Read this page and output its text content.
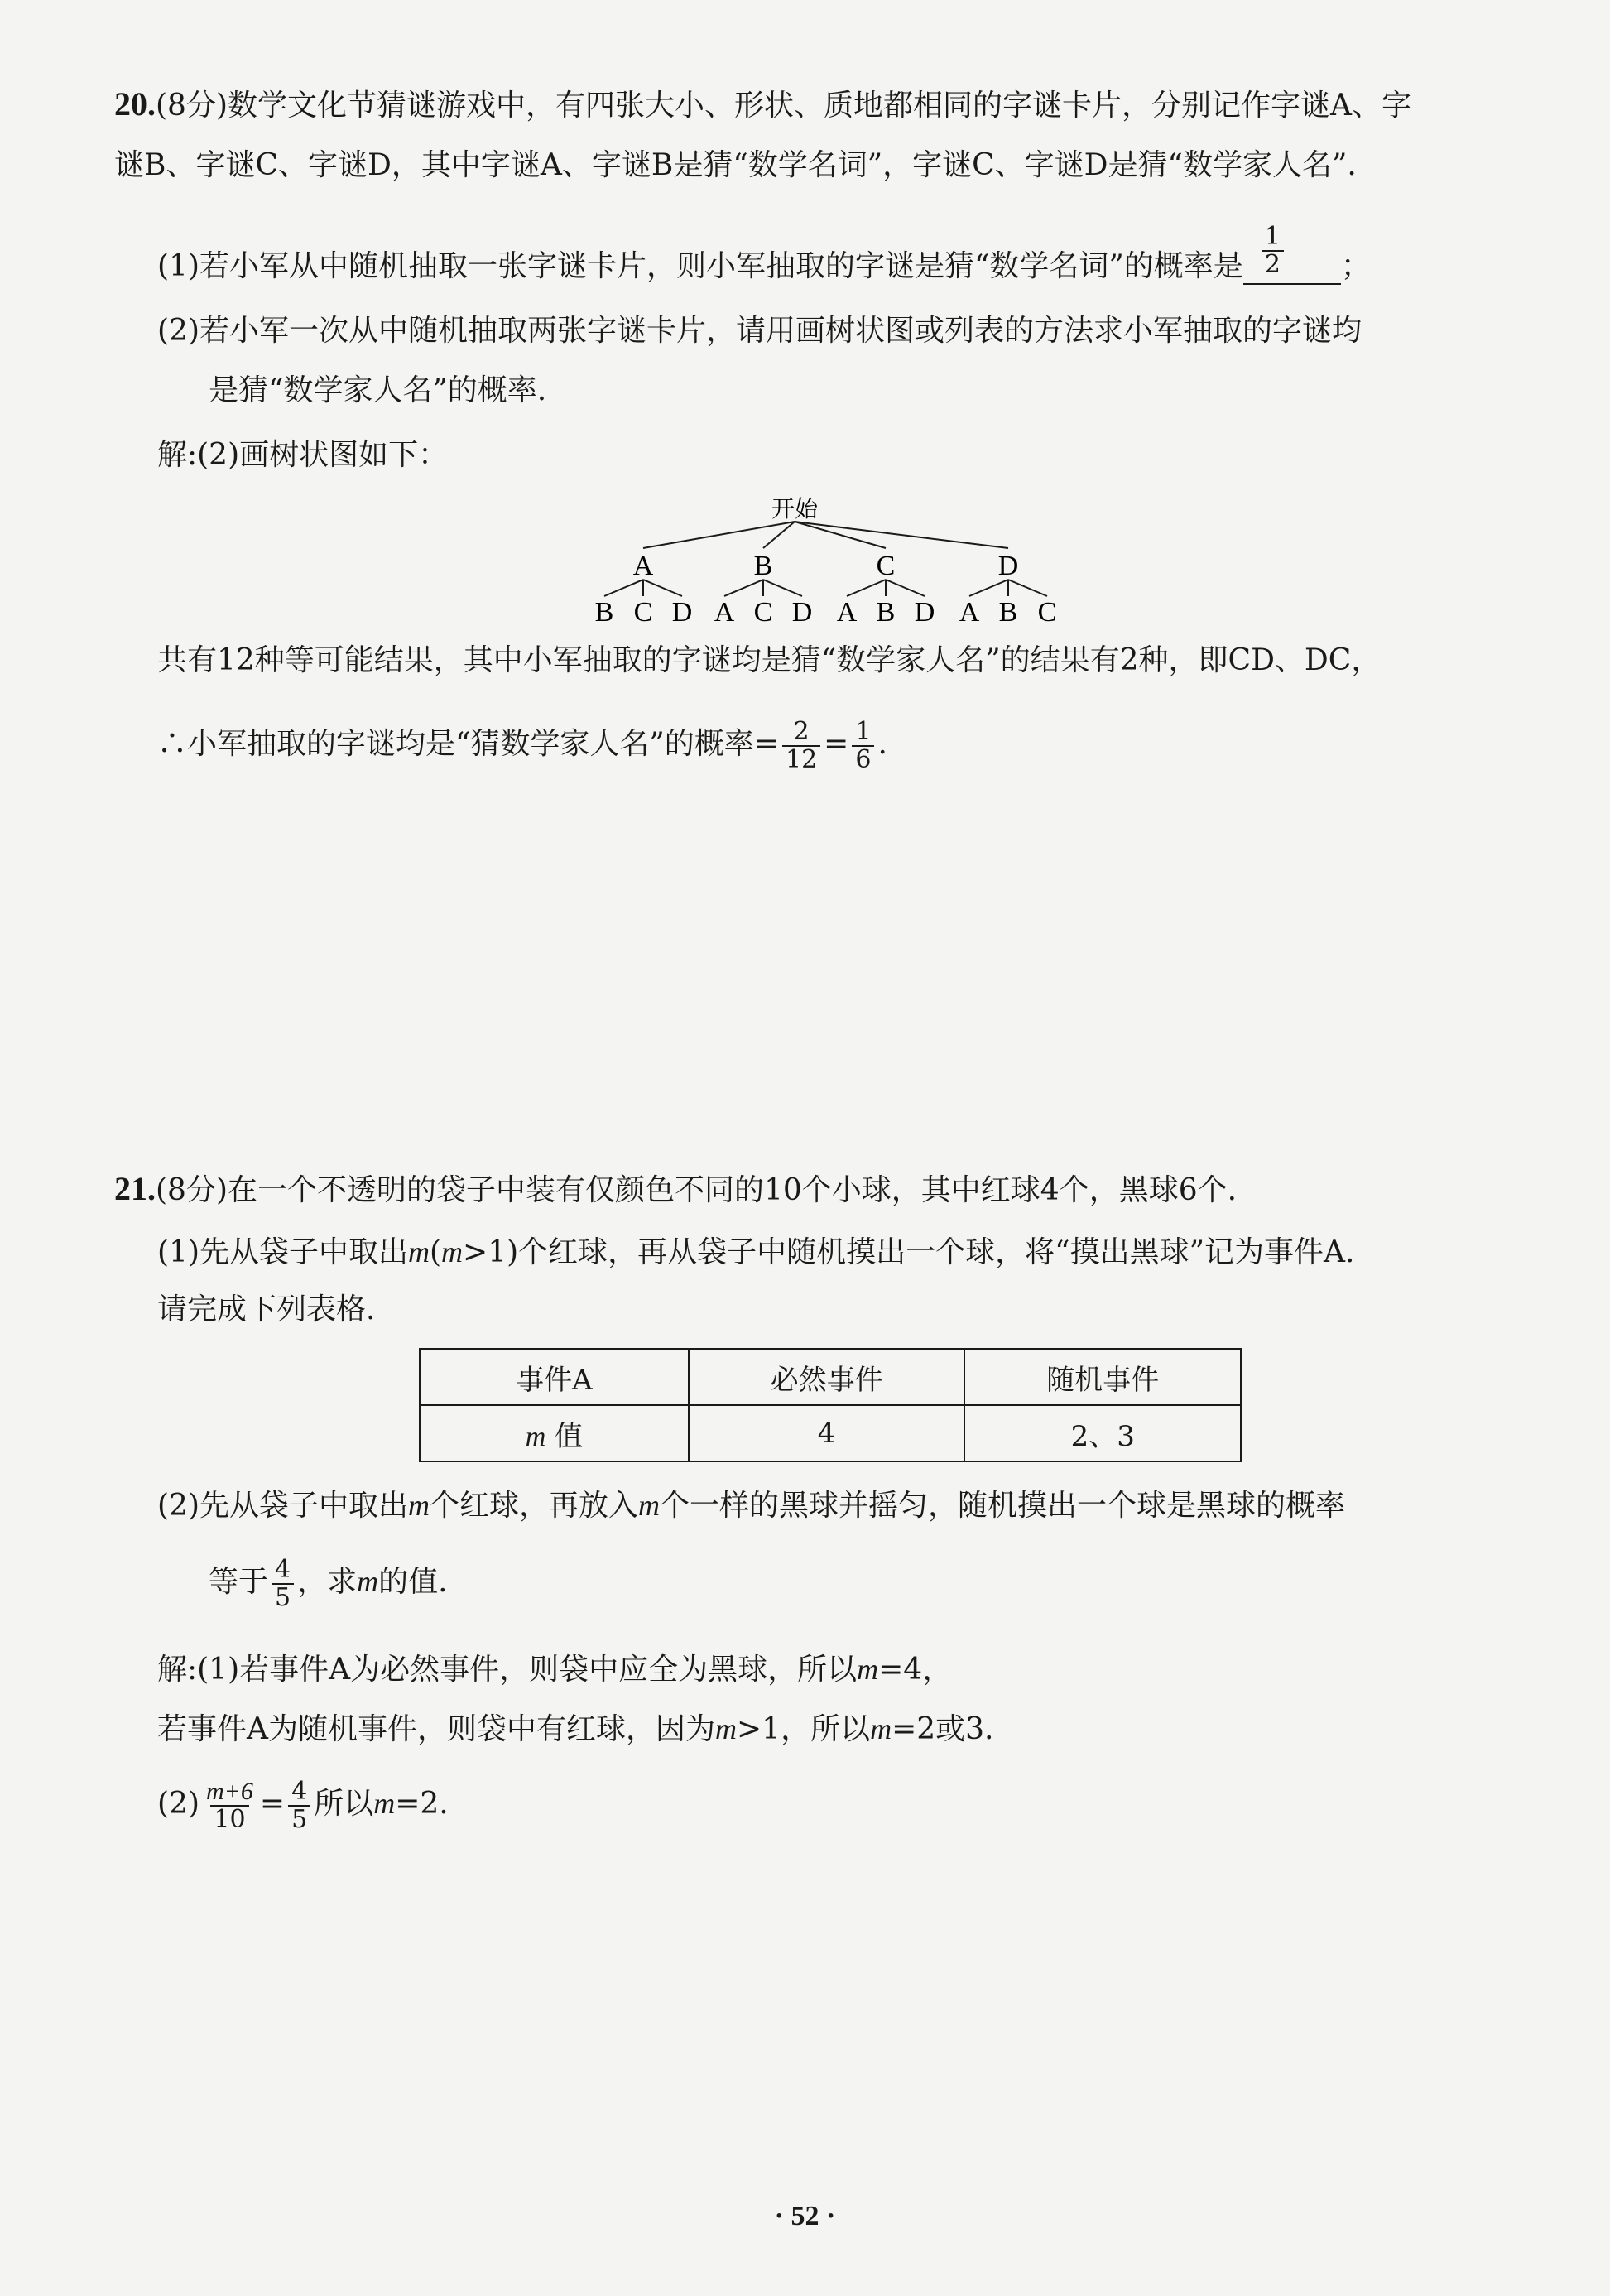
20.(8分)数学文化节猜谜游戏中，有四张大小、形状、质地都相同的字谜卡片，分别记作字谜A、字
谜B、字谜C、字谜D，其中字谜A、字谜B是猜“数学名词”，字谜C、字谜D是猜“数学家人名”.
(1)若小军从中随机抽取一张字谜卡片，则小军抽取的字谜是猜“数学名词”的概率是 $\frac{1}{2}$ ；
(2)若小军一次从中随机抽取两张字谜卡片，请用画树状图或列表的方法求小军抽取的字谜均
是猜“数学家人名”的概率.
解:(2)画树状图如下：
开始
A	B	C	D
B C D A C D A B D A B C
共有12种等可能结果，其中小军抽取的字谜均是猜“数学家人名”的结果有2种，即CD、DC，
∴小军抽取的字谜均是“猜数学家人名”的概率= $\frac{2}{12} = \frac{1}{6}$ .
21.(8分)在一个不透明的袋子中装有仅颜色不同的10个小球，其中红球4个，黑球6个.
(1)先从袋子中取出m(m>1)个红球，再从袋子中随机摸出一个球，将“摸出黑球”记为事件A.
请完成下列表格.
事件A	必然事件	随机事件
m 值	4	2、3
(2)先从袋子中取出m个红球，再放入m个一样的黑球并摇匀，随机摸出一个球是黑球的概率
等于 $\frac{4}{5}$ ，求m的值.
解:(1)若事件A为必然事件，则袋中应全为黑球，所以m=4，
若事件A为随机事件，则袋中有红球，因为m>1，所以m=2或3.
$(2) \frac{m+6}{10} = \frac{4}{5}$ 所以m=2.
· 52 ·
